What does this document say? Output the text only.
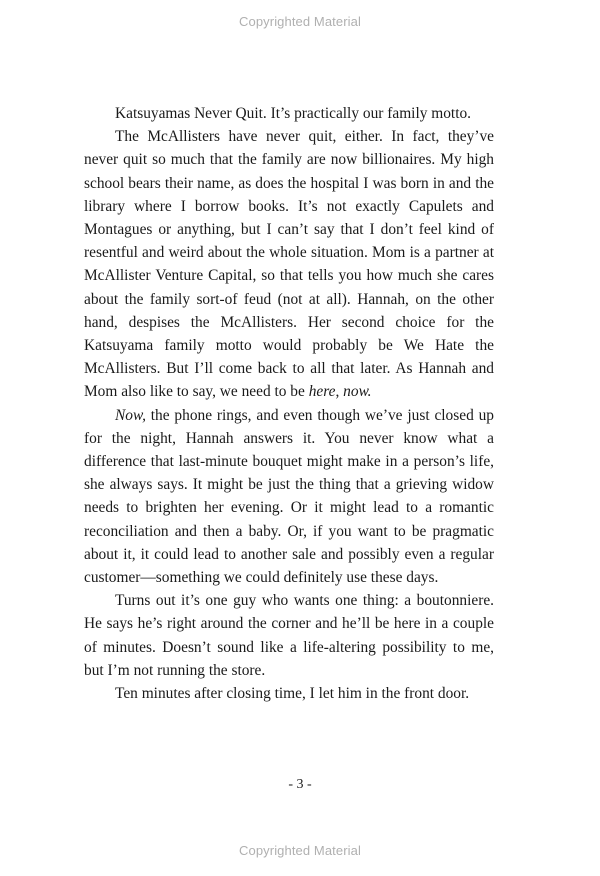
Copyrighted Material

Katsuyamas Never Quit. It’s practically our family motto.

The McAllisters have never quit, either. In fact, they’ve never quit so much that the family are now billionaires. My high school bears their name, as does the hospital I was born in and the library where I borrow books. It’s not exactly Capulets and Montagues or anything, but I can’t say that I don’t feel kind of resentful and weird about the whole situation. Mom is a partner at McAllister Venture Capital, so that tells you how much she cares about the family sort-of feud (not at all). Hannah, on the other hand, despises the McAllisters. Her second choice for the Katsuyama family motto would probably be We Hate the McAllisters. But I’ll come back to all that later. As Hannah and Mom also like to say, we need to be here, now.

Now, the phone rings, and even though we’ve just closed up for the night, Hannah answers it. You never know what a difference that last-minute bouquet might make in a person’s life, she always says. It might be just the thing that a grieving widow needs to brighten her evening. Or it might lead to a romantic reconciliation and then a baby. Or, if you want to be pragmatic about it, it could lead to another sale and possibly even a regular customer—something we could definitely use these days.

Turns out it’s one guy who wants one thing: a boutonniere. He says he’s right around the corner and he’ll be here in a couple of minutes. Doesn’t sound like a life-altering possibility to me, but I’m not running the store.

Ten minutes after closing time, I let him in the front door.

- 3 -
Copyrighted Material
